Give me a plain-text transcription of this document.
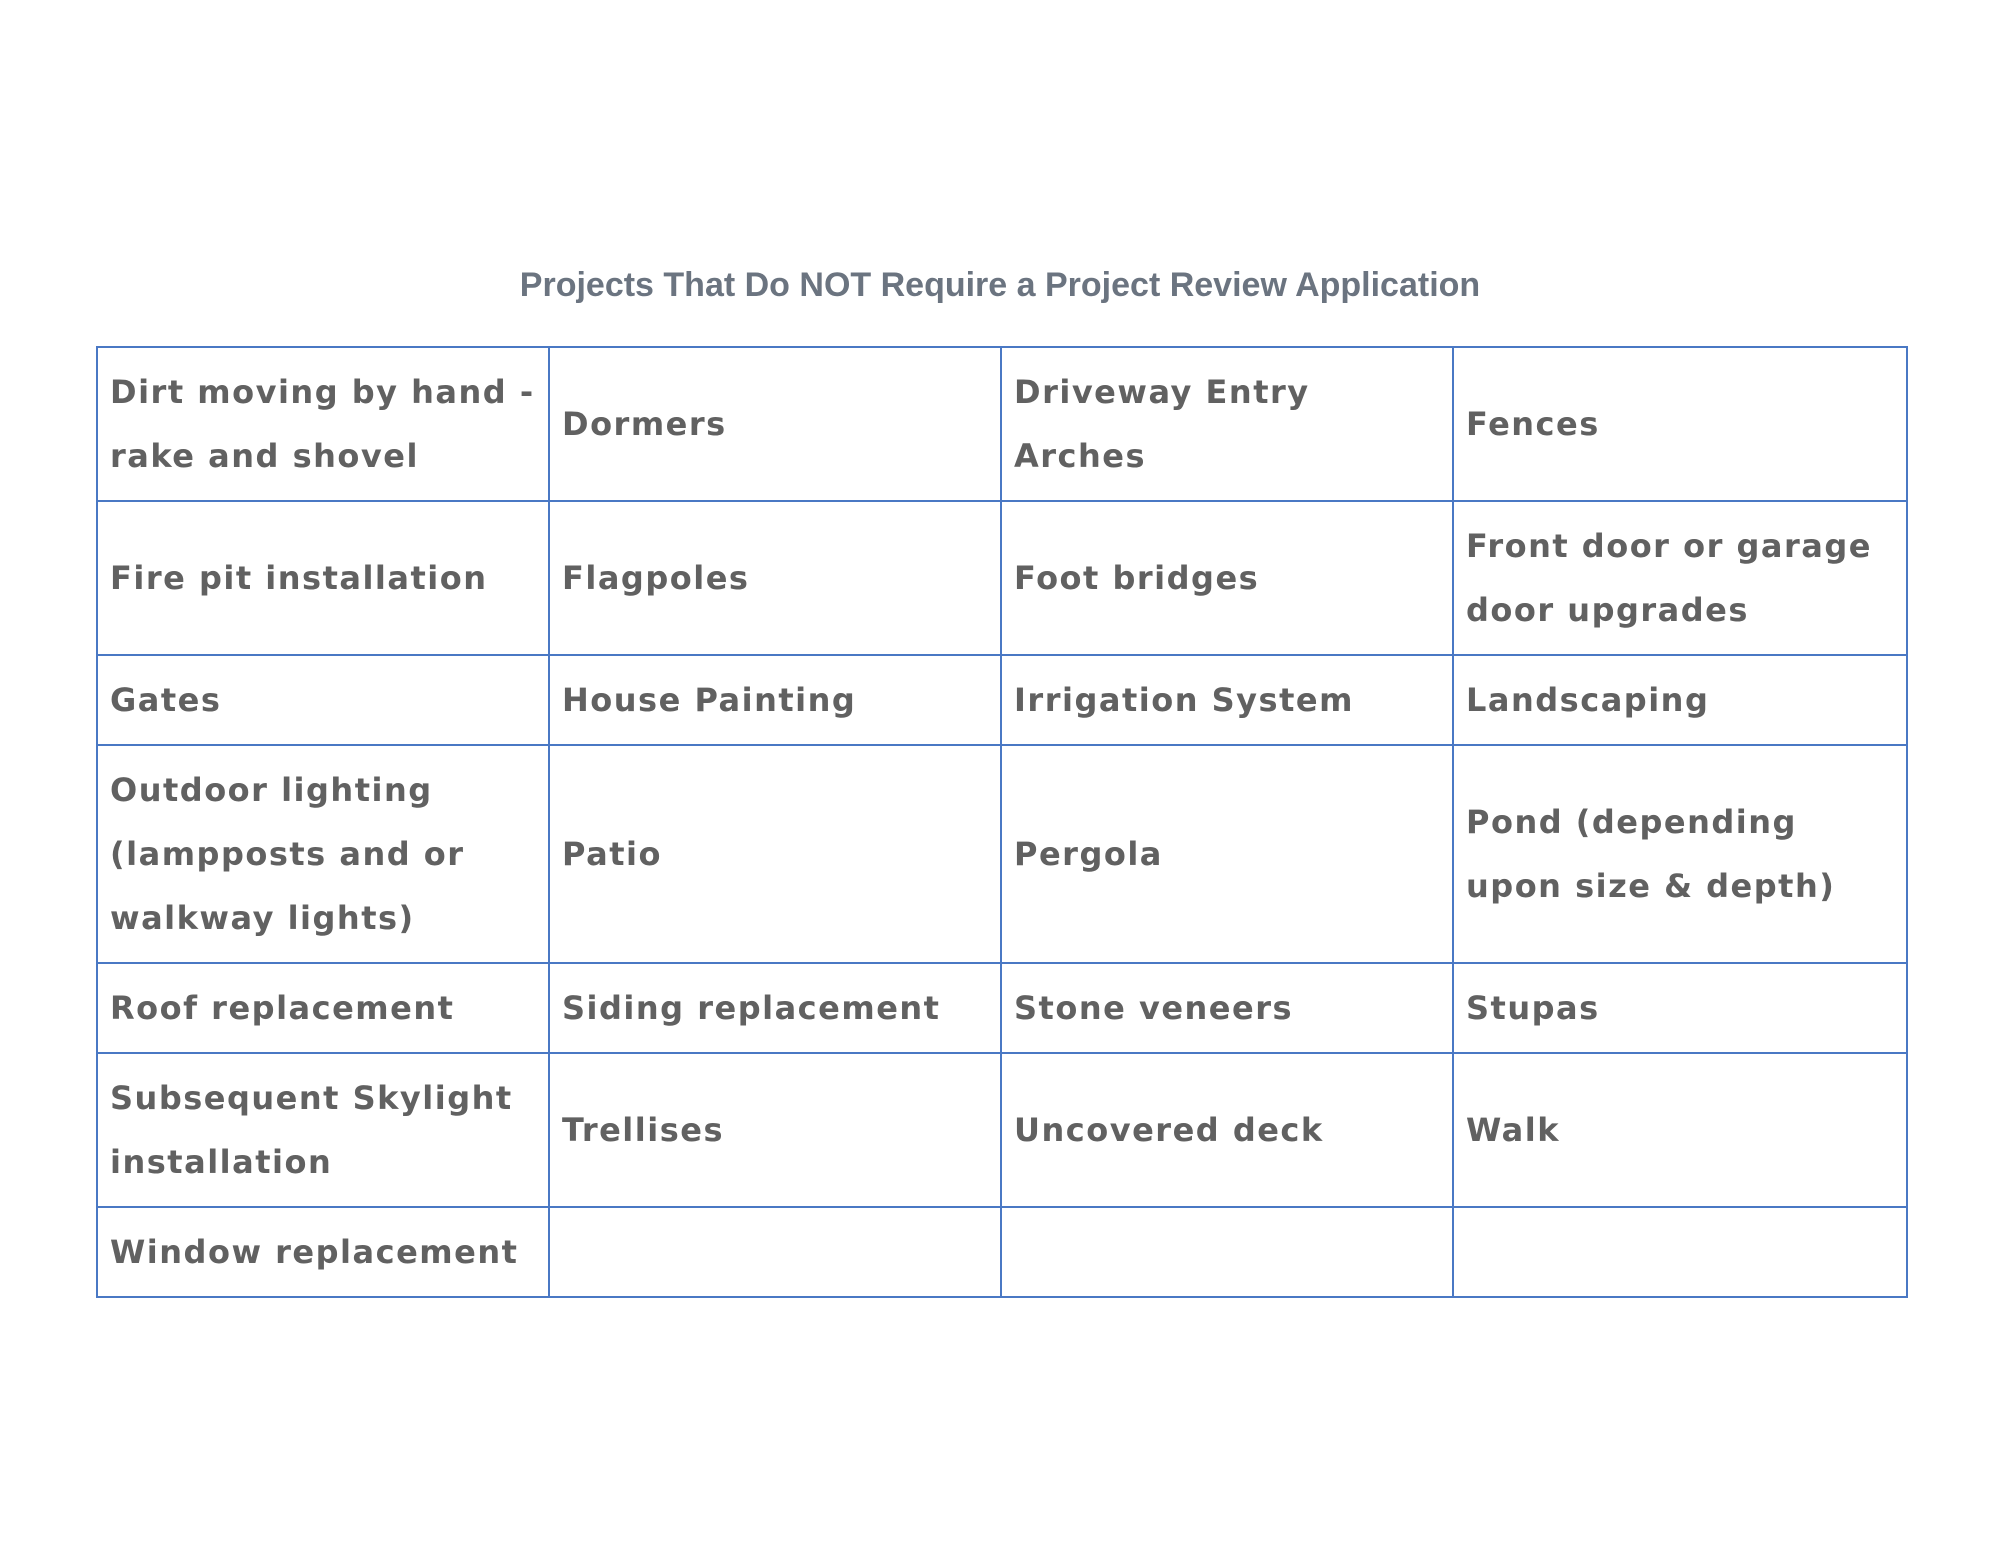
Projects That Do NOT Require a Project Review Application
Dirt moving by hand - rake and shovel	Dormers	Driveway Entry Arches	Fences
Fire pit installation	Flagpoles	Foot bridges	Front door or garage door upgrades
Gates	House Painting	Irrigation System	Landscaping
Outdoor lighting (lampposts and or walkway lights)	Patio	Pergola	Pond (depending upon size & depth)
Roof replacement	Siding replacement	Stone veneers	Stupas
Subsequent Skylight installation	Trellises	Uncovered deck	Walk
Window replacement			
